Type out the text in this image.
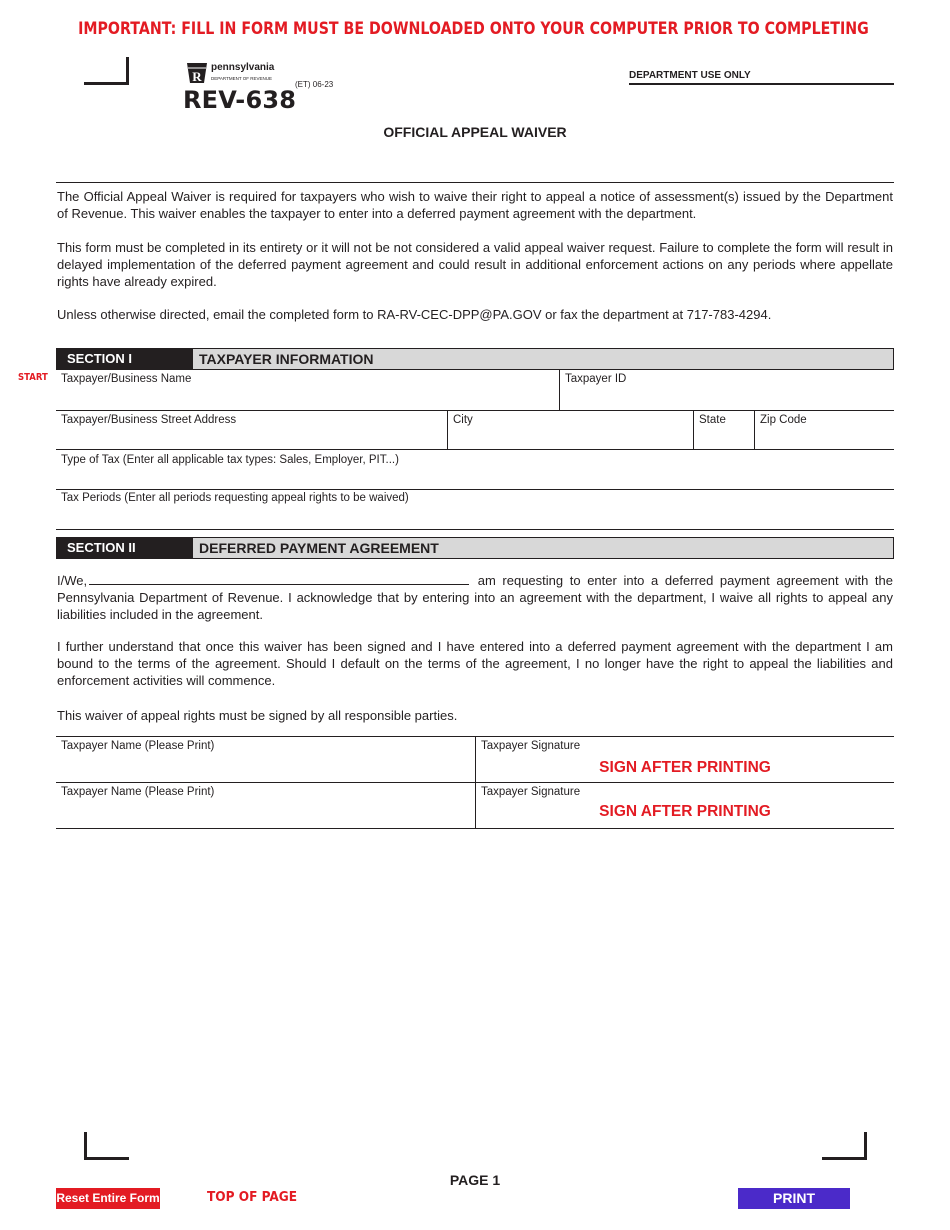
IMPORTANT: FILL IN FORM MUST BE DOWNLOADED ONTO YOUR COMPUTER PRIOR TO COMPLETING
R
pennsylvania
DEPARTMENT OF REVENUE
(ET) 06-23
REV-638
DEPARTMENT USE ONLY
OFFICIAL APPEAL WAIVER
The Official Appeal Waiver is required for taxpayers who wish to waive their right to appeal a notice of assessment(s) issued by the Department of Revenue. This waiver enables the taxpayer to enter into a deferred payment agreement with the department.
This form must be completed in its entirety or it will not be not considered a valid appeal waiver request. Failure to complete the form will result in delayed implementation of the deferred payment agreement and could result in additional enforcement actions on any periods where appellate rights have already expired.
Unless otherwise directed, email the completed form to RA-RV-CEC-DPP@PA.GOV or fax the department at 717-783-4294.
SECTION I	TAXPAYER INFORMATION
START	Taxpayer/Business Name	Taxpayer ID
Taxpayer/Business Street Address	City	State	Zip Code
Type of Tax (Enter all applicable tax types: Sales, Employer, PIT...)
Tax Periods (Enter all periods requesting appeal rights to be waived)
SECTION II	DEFERRED PAYMENT AGREEMENT
I/We,	am requesting to enter into a deferred payment agreement with the Pennsylvania Department of Revenue. I acknowledge that by entering into an agreement with the department, I waive all rights to appeal any liabilities included in the agreement.
I further understand that once this waiver has been signed and I have entered into a deferred payment agreement with the department I am bound to the terms of the agreement. Should I default on the terms of the agreement, I no longer have the right to appeal the liabilities and enforcement activities will commence.
This waiver of appeal rights must be signed by all responsible parties.
Taxpayer Name (Please Print)	Taxpayer Signature
SIGN AFTER PRINTING
Taxpayer Name (Please Print)	Taxpayer Signature
SIGN AFTER PRINTING
PAGE 1
Reset Entire Form	TOP OF PAGE	PRINT
